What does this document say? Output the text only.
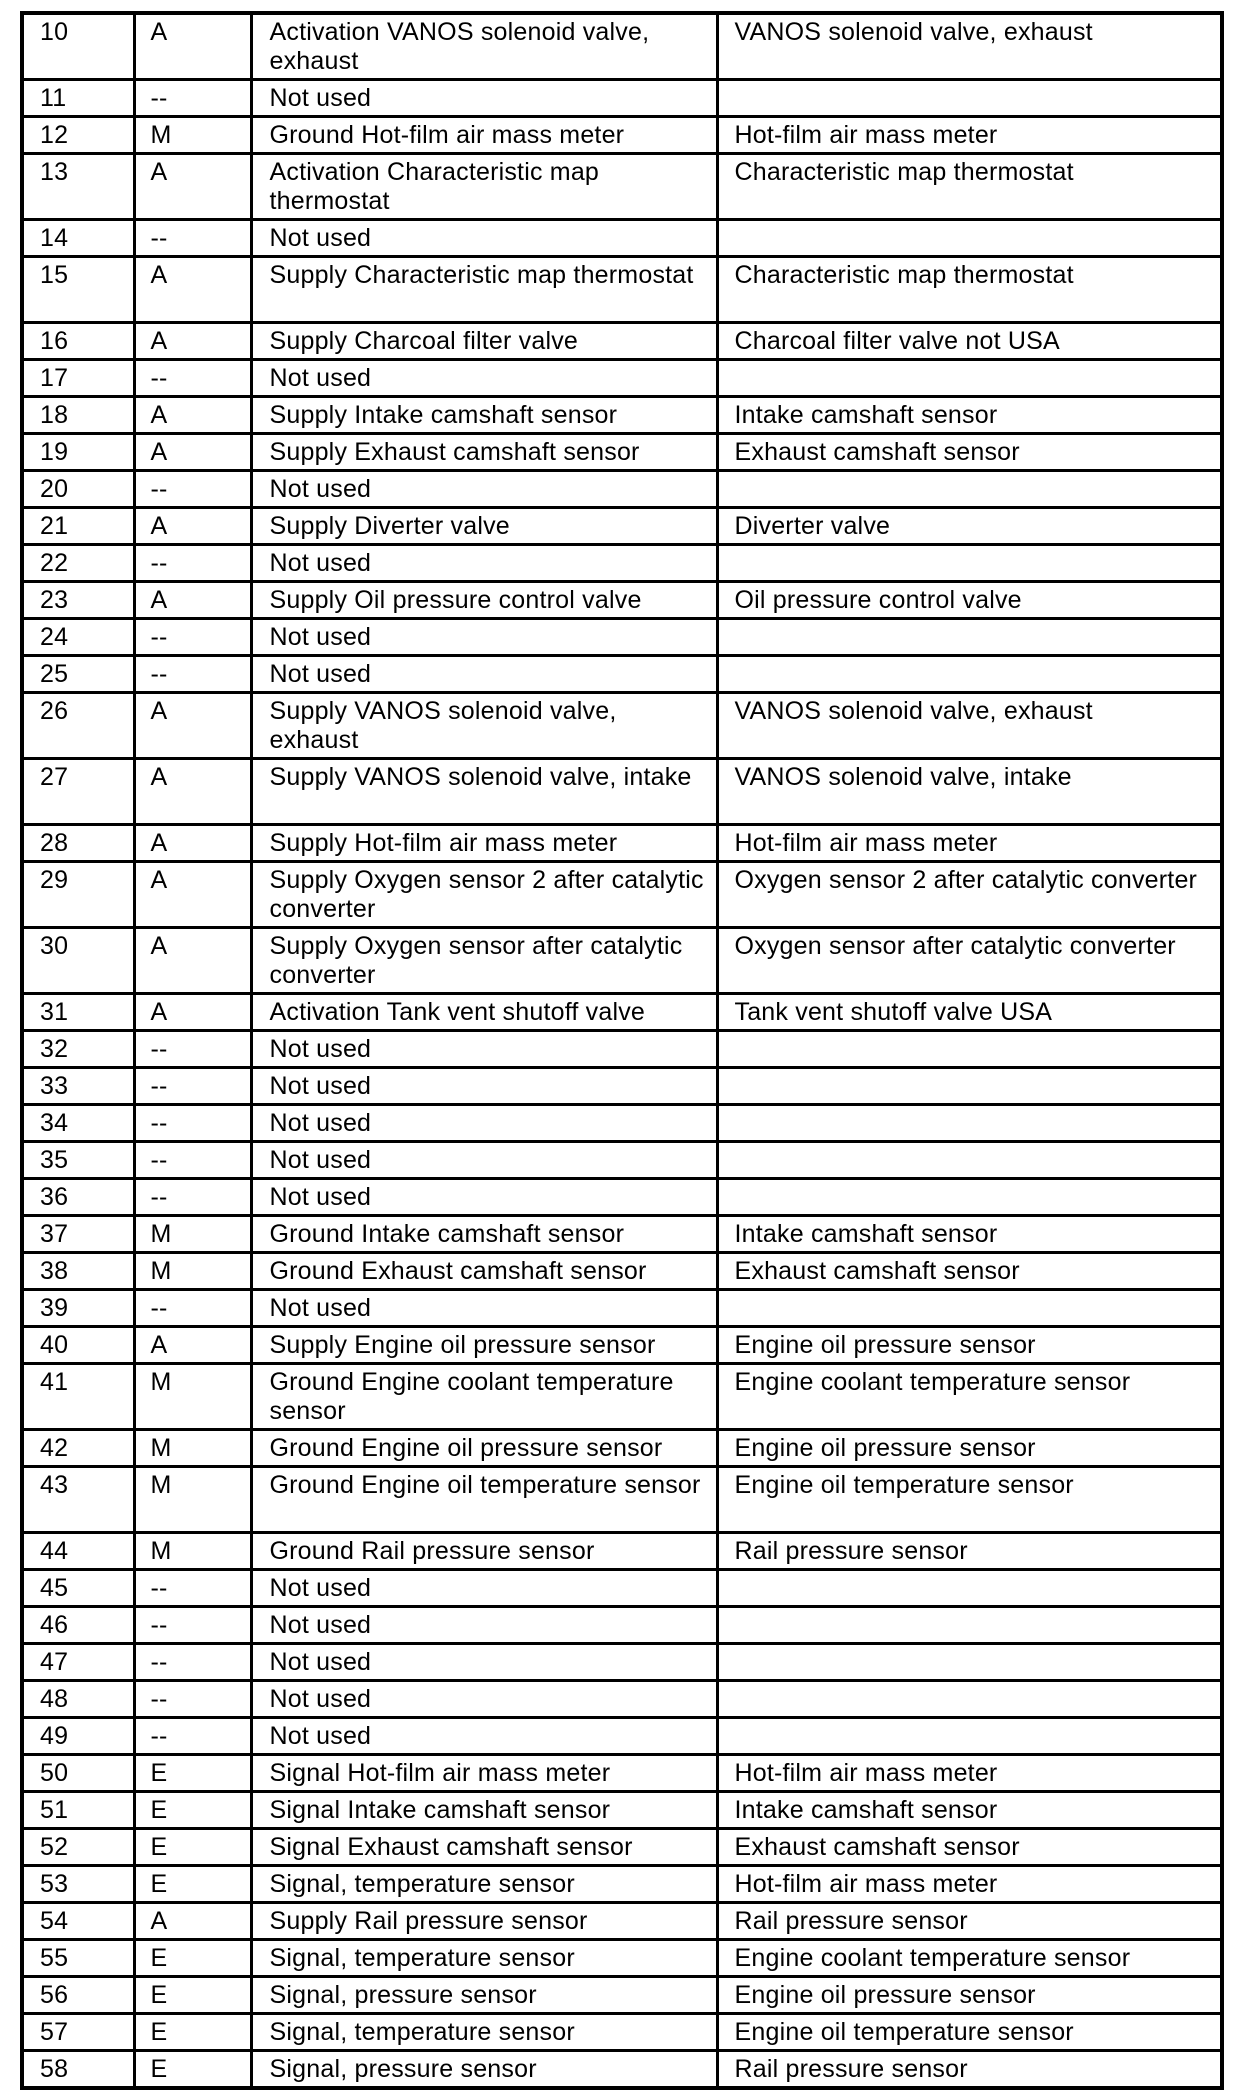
10	A	Activation VANOS solenoid valve, exhaust	VANOS solenoid valve, exhaust
11	--	Not used	
12	M	Ground Hot-film air mass meter	Hot-film air mass meter
13	A	Activation Characteristic map thermostat	Characteristic map thermostat
14	--	Not used	
15	A	Supply Characteristic map thermostat	Characteristic map thermostat
16	A	Supply Charcoal filter valve	Charcoal filter valve not USA
17	--	Not used	
18	A	Supply Intake camshaft sensor	Intake camshaft sensor
19	A	Supply Exhaust camshaft sensor	Exhaust camshaft sensor
20	--	Not used	
21	A	Supply Diverter valve	Diverter valve
22	--	Not used	
23	A	Supply Oil pressure control valve	Oil pressure control valve
24	--	Not used	
25	--	Not used	
26	A	Supply VANOS solenoid valve, exhaust	VANOS solenoid valve, exhaust
27	A	Supply VANOS solenoid valve, intake	VANOS solenoid valve, intake
28	A	Supply Hot-film air mass meter	Hot-film air mass meter
29	A	Supply Oxygen sensor 2 after catalytic converter	Oxygen sensor 2 after catalytic converter
30	A	Supply Oxygen sensor after catalytic converter	Oxygen sensor after catalytic converter
31	A	Activation Tank vent shutoff valve	Tank vent shutoff valve USA
32	--	Not used	
33	--	Not used	
34	--	Not used	
35	--	Not used	
36	--	Not used	
37	M	Ground Intake camshaft sensor	Intake camshaft sensor
38	M	Ground Exhaust camshaft sensor	Exhaust camshaft sensor
39	--	Not used	
40	A	Supply Engine oil pressure sensor	Engine oil pressure sensor
41	M	Ground Engine coolant temperature sensor	Engine coolant temperature sensor
42	M	Ground Engine oil pressure sensor	Engine oil pressure sensor
43	M	Ground Engine oil temperature sensor	Engine oil temperature sensor
44	M	Ground Rail pressure sensor	Rail pressure sensor
45	--	Not used	
46	--	Not used	
47	--	Not used	
48	--	Not used	
49	--	Not used	
50	E	Signal Hot-film air mass meter	Hot-film air mass meter
51	E	Signal Intake camshaft sensor	Intake camshaft sensor
52	E	Signal Exhaust camshaft sensor	Exhaust camshaft sensor
53	E	Signal, temperature sensor	Hot-film air mass meter
54	A	Supply Rail pressure sensor	Rail pressure sensor
55	E	Signal, temperature sensor	Engine coolant temperature sensor
56	E	Signal, pressure sensor	Engine oil pressure sensor
57	E	Signal, temperature sensor	Engine oil temperature sensor
58	E	Signal, pressure sensor	Rail pressure sensor
